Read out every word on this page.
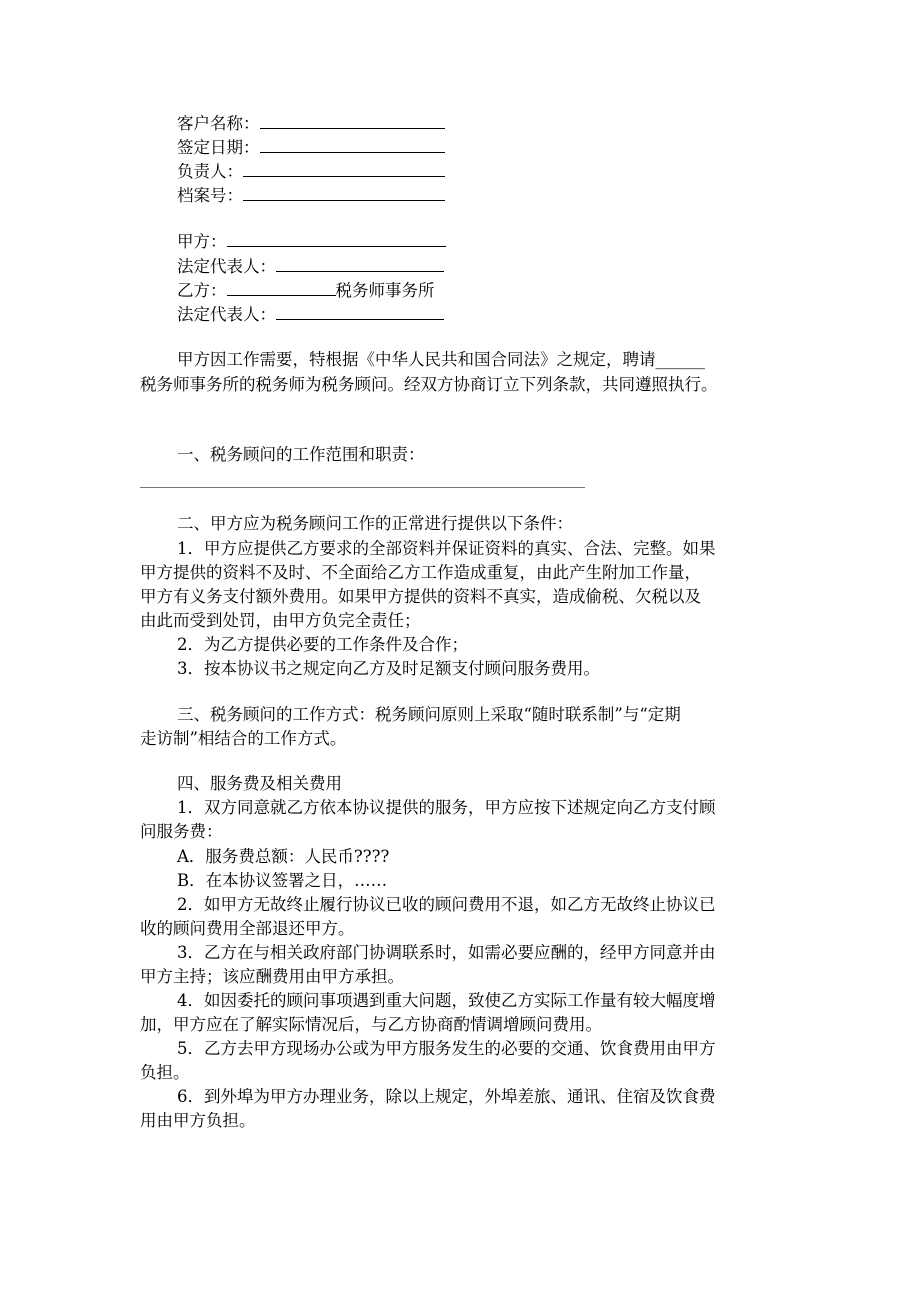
客户名称：
签定日期：
负责人：
档案号：
甲方：
法定代表人：
乙方：	税务师事务所
法定代表人：
甲方因工作需要，特根据《中华人民共和国合同法》之规定，聘请______
税务师事务所的税务师为税务顾问。经双方协商订立下列条款，共同遵照执行。
一、税务顾问的工作范围和职责：
二、甲方应为税务顾问工作的正常进行提供以下条件：
1．甲方应提供乙方要求的全部资料并保证资料的真实、合法、完整。如果
甲方提供的资料不及时、不全面给乙方工作造成重复，由此产生附加工作量，
甲方有义务支付额外费用。如果甲方提供的资料不真实，造成偷税、欠税以及
由此而受到处罚，由甲方负完全责任；
2．为乙方提供必要的工作条件及合作；
3．按本协议书之规定向乙方及时足额支付顾问服务费用。
三、税务顾问的工作方式：税务顾问原则上采取“随时联系制”与“定期
走访制”相结合的工作方式。
四、服务费及相关费用
1．双方同意就乙方依本协议提供的服务，甲方应按下述规定向乙方支付顾
问服务费：
A．服务费总额：人民币????
B．在本协议签署之日，……
2．如甲方无故终止履行协议已收的顾问费用不退，如乙方无故终止协议已
收的顾问费用全部退还甲方。
3．乙方在与相关政府部门协调联系时，如需必要应酬的，经甲方同意并由
甲方主持；该应酬费用由甲方承担。
4．如因委托的顾问事项遇到重大问题，致使乙方实际工作量有较大幅度增
加，甲方应在了解实际情况后，与乙方协商酌情调增顾问费用。
5．乙方去甲方现场办公或为甲方服务发生的必要的交通、饮食费用由甲方
负担。
6．到外埠为甲方办理业务，除以上规定，外埠差旅、通讯、住宿及饮食费
用由甲方负担。
